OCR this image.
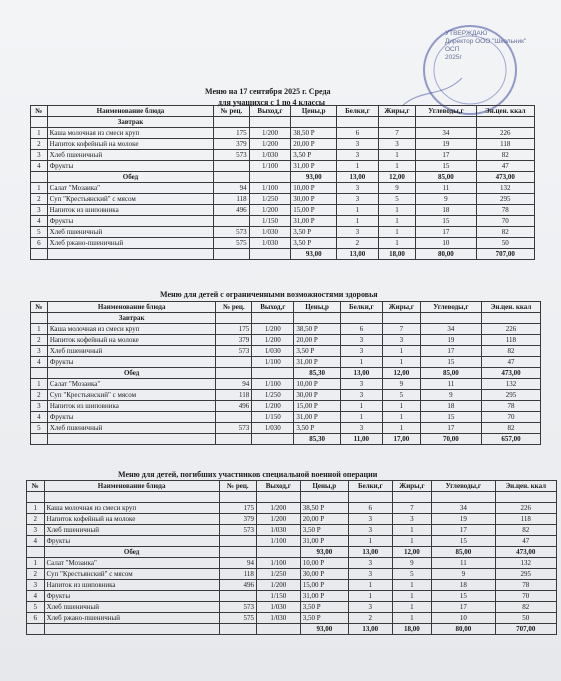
УТВЕРЖДАЮ
Директор ООО "Школьник"
ОСП
2025г
Меню на 17 сентября 2025 г. Среда
для учащихся с 1 по 4 классы
№	Наименование блюда	№ рец.	Выход,г	Цены,р	Белки,г	Жиры,г	Углеводы,г	Эн.цен. ккал
	Завтрак							
1	Каша молочная из смеси круп	175	1/200	38,50 Р	6	7	34	226
2	Напиток кофейный на молоке	379	1/200	20,00 Р	3	3	19	118
3	Хлеб пшеничный	573	1/030	3,50 Р	3	1	17	82
4	Фрукты		1/100	31,00 Р	1	1	15	47
	Обед			93,00	13,00	12,00	85,00	473,00
1	Салат "Мозаика"	94	1/100	10,00 Р	3	9	11	132
2	Суп "Крестьянский" с мясом	118	1/250	30,00 Р	3	5	9	295
3	Напиток из шиповника	496	1/200	15,00 Р	1	1	18	78
4	Фрукты		1/150	31,00 Р	1	1	15	70
5	Хлеб пшеничный	573	1/030	3,50 Р	3	1	17	82
6	Хлеб ржано-пшеничный	575	1/030	3,50 Р	2	1	10	50
				93,00	13,00	18,00	80,00	707,00
Меню для детей с ограниченными возможностями здоровья
№	Наименование блюда	№ рец.	Выход,г	Цены,р	Белки,г	Жиры,г	Углеводы,г	Эн.цен. ккал
	Завтрак							
1	Каша молочная из смеси круп	175	1/200	38,50 Р	6	7	34	226
2	Напиток кофейный на молоке	379	1/200	20,00 Р	3	3	19	118
3	Хлеб пшеничный	573	1/030	3,50 Р	3	1	17	82
4	Фрукты		1/100	31,00 Р	1	1	15	47
	Обед			85,30	13,00	12,00	85,00	473,00
1	Салат "Мозаика"	94	1/100	10,00 Р	3	9	11	132
2	Суп "Крестьянский" с мясом	118	1/250	30,00 Р	3	5	9	295
3	Напиток из шиповника	496	1/200	15,00 Р	1	1	18	78
4	Фрукты		1/150	31,00 Р	1	1	15	70
5	Хлеб пшеничный	573	1/030	3,50 Р	3	1	17	82
				85,30	11,00	17,00	70,00	657,00
Меню для детей, погибших участников специальной военной операции
№	Наименование блюда	№ рец.	Выход,г	Цены,р	Белки,г	Жиры,г	Углеводы,г	Эн.цен. ккал

1	Каша молочная из смеси круп	175	1/200	38,50 Р	6	7	34	226
2	Напиток кофейный на молоке	379	1/200	20,00 Р	3	3	19	118
3	Хлеб пшеничный	573	1/030	3,50 Р	3	1	17	82
4	Фрукты		1/100	31,00 Р	1	1	15	47
	Обед			93,00	13,00	12,00	85,00	473,00
1	Салат "Мозаика"	94	1/100	10,00 Р	3	9	11	132
2	Суп "Крестьянский" с мясом	118	1/250	30,00 Р	3	5	9	295
3	Напиток из шиповника	496	1/200	15,00 Р	1	1	18	78
4	Фрукты		1/150	31,00 Р	1	1	15	70
5	Хлеб пшеничный	573	1/030	3,50 Р	3	1	17	82
6	Хлеб ржано-пшеничный	575	1/030	3,50 Р	2	1	10	50
				93,00	13,00	18,00	80,00	707,00
